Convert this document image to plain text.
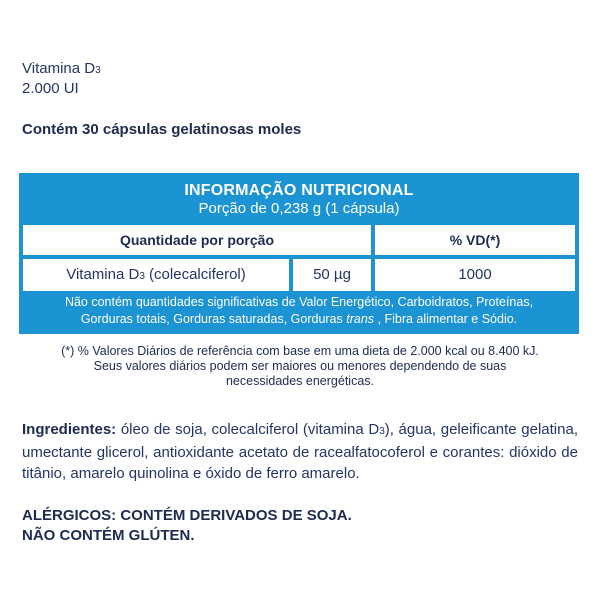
Vitamina D3
2.000 UI
Contém 30 cápsulas gelatinosas moles
INFORMAÇÃO NUTRICIONAL
Porção de 0,238 g (1 cápsula)
Quantidade por porção	% VD(*)
Vitamina D3 (colecalciferol)	50 µg	1000
Não contém quantidades significativas de Valor Energético, Carboidratos, Proteínas,
Gorduras totais, Gorduras saturadas, Gorduras trans , Fibra alimentar e Sódio.
(*) % Valores Diários de referência com base em uma dieta de 2.000 kcal ou 8.400 kJ.
Seus valores diários podem ser maiores ou menores dependendo de suas
necessidades energéticas.
Ingredientes: óleo de soja, colecalciferol (vitamina D3), água, geleificante gelatina, umectante glicerol, antioxidante acetato de racealfatocoferol e corantes: dióxido de titânio, amarelo quinolina e óxido de ferro amarelo.
ALÉRGICOS: CONTÉM DERIVADOS DE SOJA.
NÃO CONTÉM GLÚTEN.
